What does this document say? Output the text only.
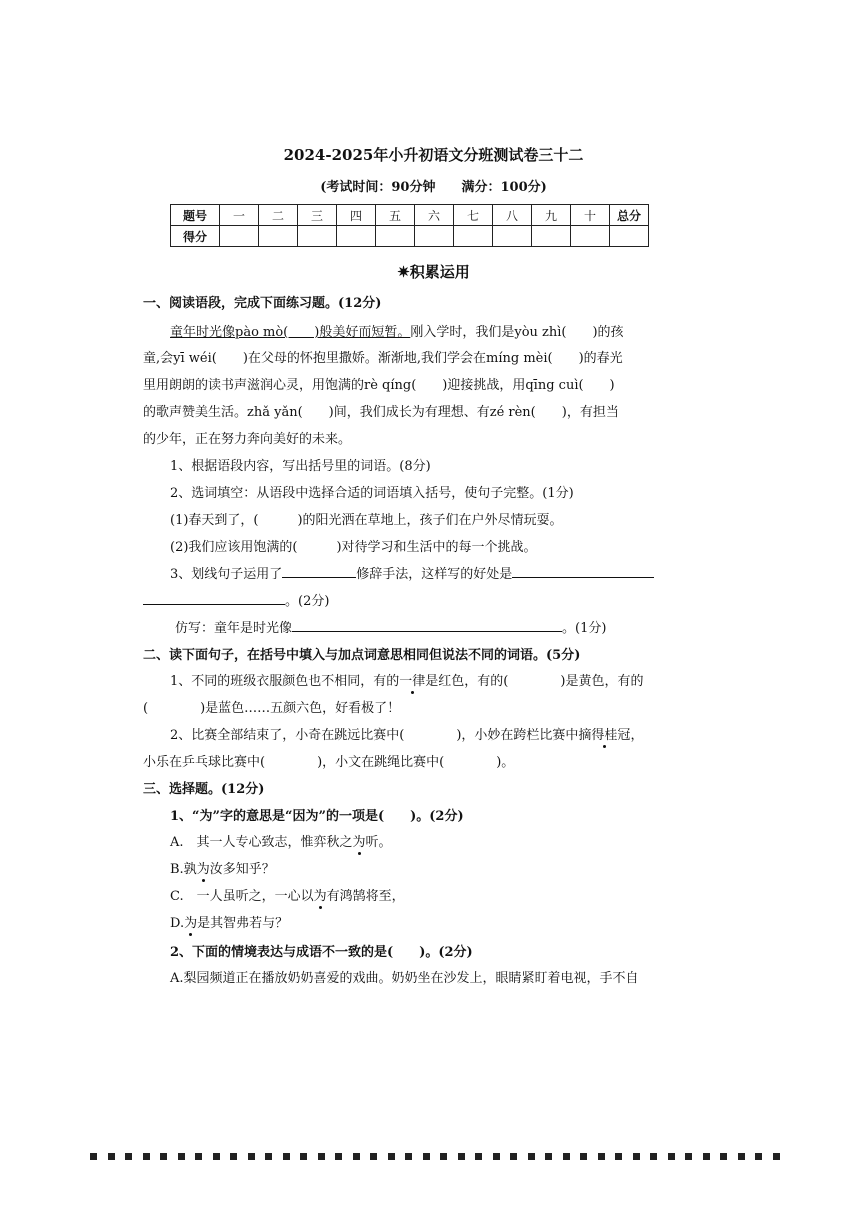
2024-2025年小升初语文分班测试卷三十二
(考试时间：90分钟　　满分：100分)
题号	一	二	三	四	五	六	七	八	九	十	总分
得分											
✷积累运用
一、阅读语段，完成下面练习题。(12分)
童年时光像pào mò(　　)般美好而短暂。刚入学时，我们是yòu zhì(　　)的孩
童,会yī wéi(　　)在父母的怀抱里撒娇。渐渐地,我们学会在míng mèi(　　)的春光
里用朗朗的读书声滋润心灵，用饱满的rè qíng(　　)迎接挑战，用qīng cuì(　　)
的歌声赞美生活。zhǎ yǎn(　　)间，我们成长为有理想、有zé rèn(　　)，有担当
的少年，正在努力奔向美好的未来。
1、根据语段内容，写出括号里的词语。(8分)
2、选词填空：从语段中选择合适的词语填入括号，使句子完整。(1分)
(1)春天到了，(　　　)的阳光洒在草地上，孩子们在户外尽情玩耍。
(2)我们应该用饱满的(　　　)对待学习和生活中的每一个挑战。
3、划线句子运用了	修辞手法，这样写的好处是
。(2分)
仿写：童年是时光像	。(1分)
二、读下面句子，在括号中填入与加点词意思相同但说法不同的词语。(5分)
1、不同的班级衣服颜色也不相同，有的一律是红色，有的(　　　　)是黄色，有的
(　　　　)是蓝色……五颜六色，好看极了！
2、比赛全部结束了，小奇在跳远比赛中(　　　　)，小妙在跨栏比赛中摘得桂冠，
小乐在乒乓球比赛中(　　　　)，小文在跳绳比赛中(　　　　)。
三、选择题。(12分)
1、“为”字的意思是“因为”的一项是(　　)。(2分)
A.　其一人专心致志，惟弈秋之为听。
B.孰为汝多知乎？
C.　一人虽听之，一心以为有鸿鹄将至，
D.为是其智弗若与？
2、下面的情境表达与成语不一致的是(　　)。(2分)
A.梨园频道正在播放奶奶喜爱的戏曲。奶奶坐在沙发上，眼睛紧盯着电视，手不自
